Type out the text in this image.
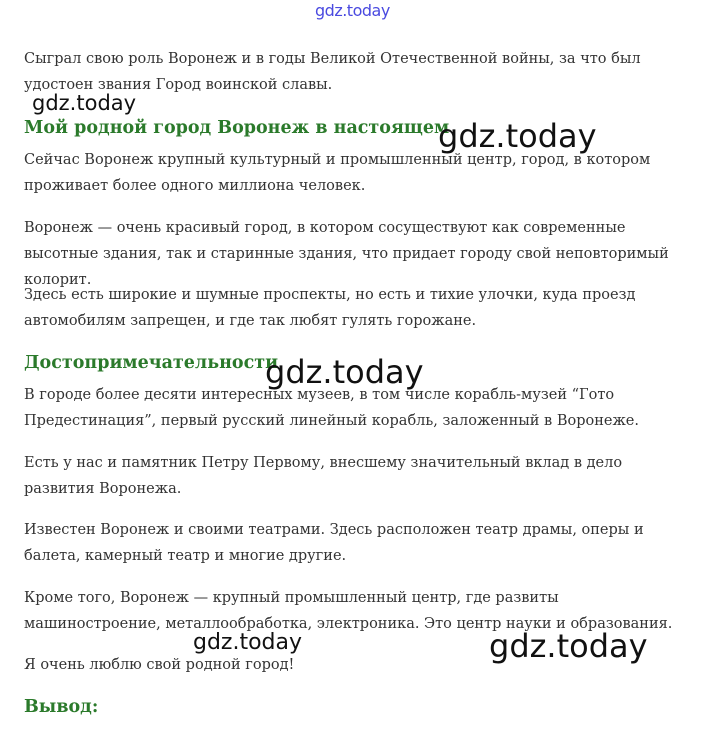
gdz.today

Сыграл свою роль Воронеж и в годы Великой Отечественной войны, за что был удостоен звания Город воинской славы.

Мой родной город Воронеж в настоящем

Сейчас Воронеж крупный культурный и промышленный центр, город, в котором проживает более одного миллиона человек.

Воронеж — очень красивый город, в котором сосуществуют как современные высотные здания, так и старинные здания, что придает городу свой неповторимый колорит.

Здесь есть широкие и шумные проспекты, но есть и тихие улочки, куда проезд автомобилям запрещен, и где так любят гулять горожане.

Достопримечательности

В городе более десяти интересных музеев, в том числе корабль-музей “Гото Предестинация”, первый русский линейный корабль, заложенный в Воронеже.

Есть у нас и памятник Петру Первому, внесшему значительный вклад в дело развития Воронежа.

Известен Воронеж и своими театрами. Здесь расположен театр драмы, оперы и балета, камерный театр и многие другие.

Кроме того, Воронеж — крупный промышленный центр, где развиты машиностроение, металлообработка, электроника. Это центр науки и образования.

Я очень люблю свой родной город!

Вывод:
gdz.today
gdz.today
gdz.today
gdz.today	gdz.today
